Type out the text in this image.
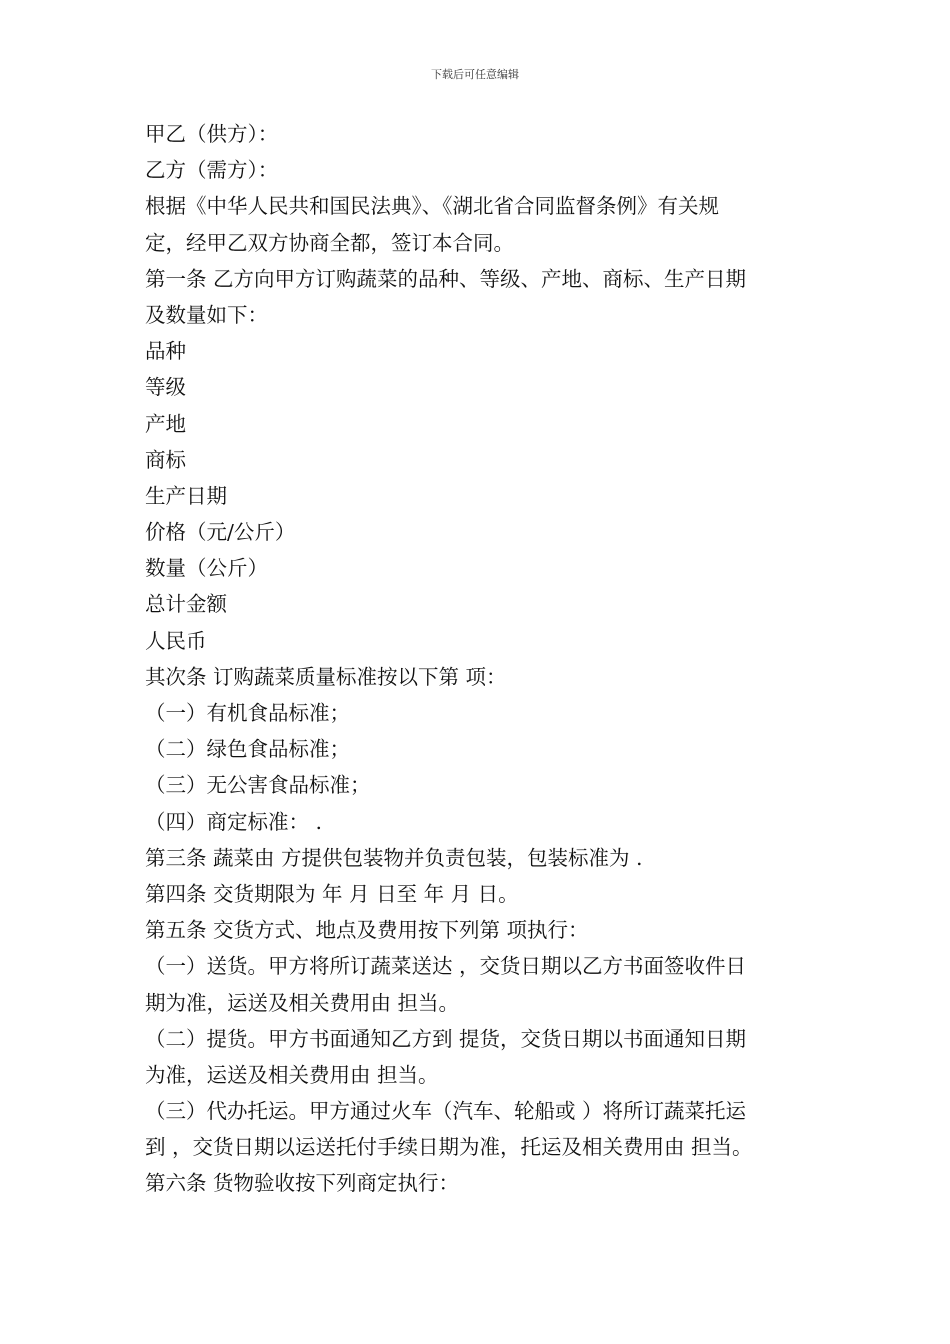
下载后可任意编辑
甲乙（供方）：
乙方（需方）：
根据《中华人民共和国民法典》、《湖北省合同监督条例》有关规
定，经甲乙双方协商全都，签订本合同。
第一条 乙方向甲方订购蔬菜的品种、等级、产地、商标、生产日期
及数量如下：
品种
等级
产地
商标
生产日期
价格（元/公斤）
数量（公斤）
总计金额
人民币
其次条 订购蔬菜质量标准按以下第 项：
（一）有机食品标准；
（二）绿色食品标准；
（三）无公害食品标准；
（四）商定标准： .
第三条 蔬菜由 方提供包装物并负责包装，包装标准为 .
第四条 交货期限为 年 月 日至 年 月 日。
第五条 交货方式、地点及费用按下列第 项执行：
（一）送货。甲方将所订蔬菜送达 ，交货日期以乙方书面签收件日
期为准，运送及相关费用由 担当。
（二）提货。甲方书面通知乙方到 提货，交货日期以书面通知日期
为准，运送及相关费用由 担当。
（三）代办托运。甲方通过火车（汽车、轮船或 ）将所订蔬菜托运
到 ，交货日期以运送托付手续日期为准，托运及相关费用由 担当。
第六条 货物验收按下列商定执行：
